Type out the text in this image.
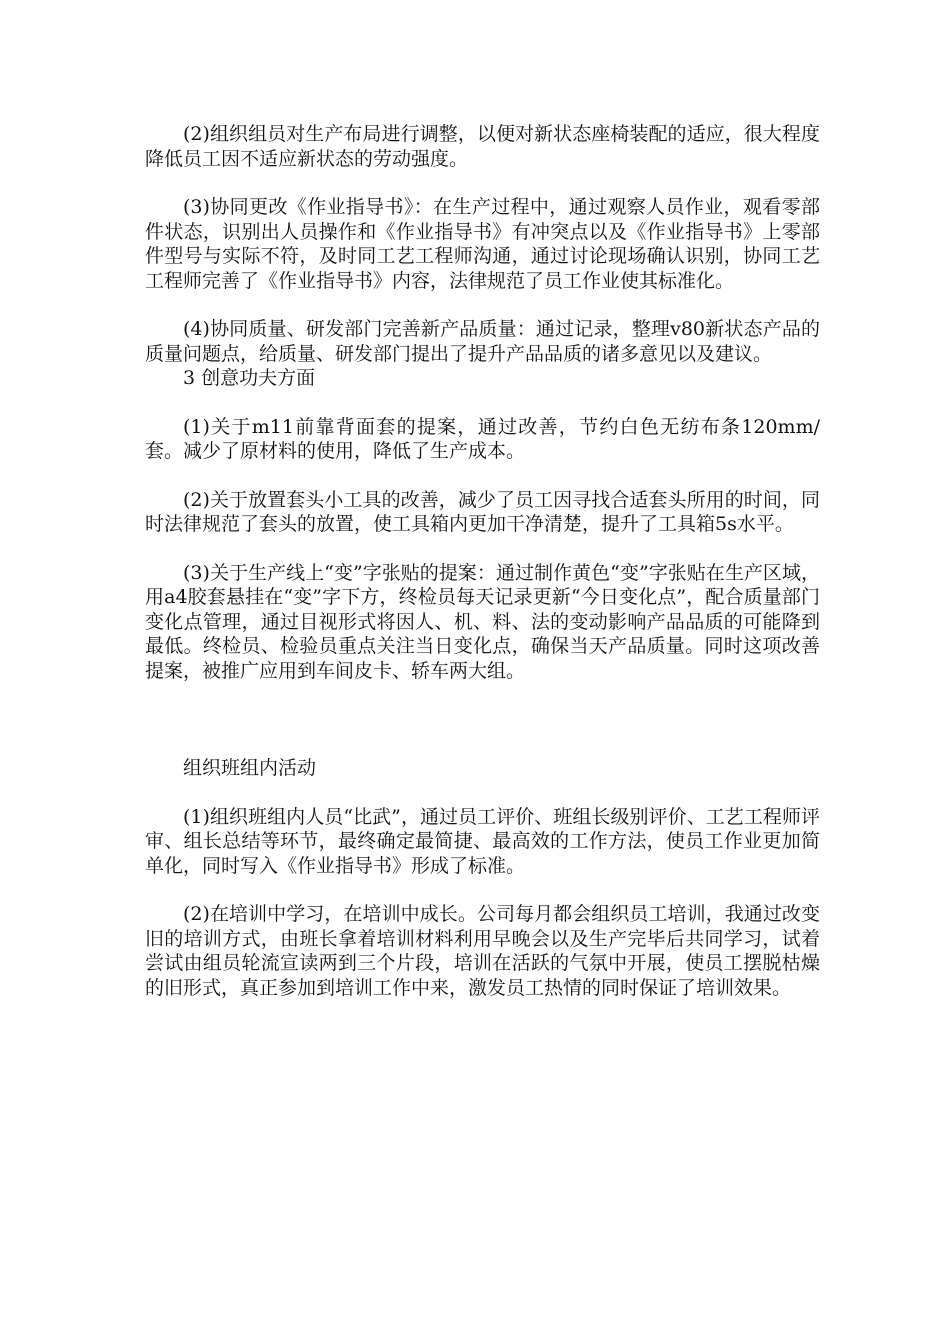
(2)组织组员对生产布局进行调整，以便对新状态座椅装配的适应，很大程度降低员工因不适应新状态的劳动强度。

(3)协同更改《作业指导书》：在生产过程中，通过观察人员作业，观看零部件状态，识别出人员操作和《作业指导书》有冲突点以及《作业指导书》上零部件型号与实际不符，及时同工艺工程师沟通，通过讨论现场确认识别，协同工艺工程师完善了《作业指导书》内容，法律规范了员工作业使其标准化。

(4)协同质量、研发部门完善新产品质量：通过记录，整理v80新状态产品的质量问题点，给质量、研发部门提出了提升产品品质的诸多意见以及建议。

3 创意功夫方面

(1)关于m11前靠背面套的提案，通过改善，节约白色无纺布条120mm/套。减少了原材料的使用，降低了生产成本。

(2)关于放置套头小工具的改善，减少了员工因寻找合适套头所用的时间，同时法律规范了套头的放置，使工具箱内更加干净清楚，提升了工具箱5s水平。

(3)关于生产线上“变”字张贴的提案：通过制作黄色“变”字张贴在生产区域，用a4胶套悬挂在“变”字下方，终检员每天记录更新“今日变化点”，配合质量部门变化点管理，通过目视形式将因人、机、料、法的变动影响产品品质的可能降到最低。终检员、检验员重点关注当日变化点，确保当天产品质量。同时这项改善提案，被推广应用到车间皮卡、轿车两大组。

组织班组内活动

(1)组织班组内人员“比武”，通过员工评价、班组长级别评价、工艺工程师评审、组长总结等环节，最终确定最简捷、最高效的工作方法，使员工作业更加简单化，同时写入《作业指导书》形成了标准。

(2)在培训中学习，在培训中成长。公司每月都会组织员工培训，我通过改变旧的培训方式，由班长拿着培训材料利用早晚会以及生产完毕后共同学习，试着尝试由组员轮流宣读两到三个片段，培训在活跃的气氛中开展，使员工摆脱枯燥的旧形式，真正参加到培训工作中来，激发员工热情的同时保证了培训效果。
